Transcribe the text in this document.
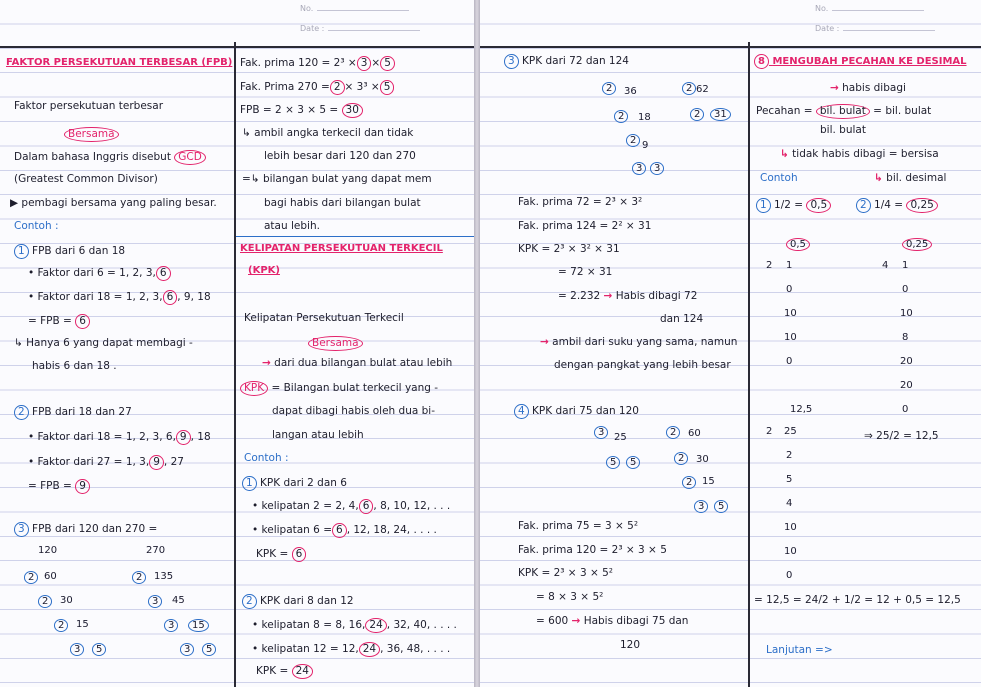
No.
Date :
FAKTOR PERSEKUTUAN TERBESAR (FPB)
Faktor persekutuan terbesar
Bersama
Dalam bahasa Inggris disebut GCD
(Greatest Common Divisor)
▶ pembagi bersama yang paling besar.
Contoh :
1 FPB dari 6 dan 18
• Faktor dari 6 = 1, 2, 3, 6
• Faktor dari 18 = 1, 2, 3, 6 , 9, 18
= FPB = 6
↳ Hanya 6 yang dapat membagi -
habis 6 dan 18 .
2 FPB dari 18 dan 27
• Faktor dari 18 = 1, 2, 3, 6, 9 , 18
• Faktor dari 27 = 1, 3, 9 , 27
= FPB = 9
3 FPB dari 120 dan 270 =
120
2 60
2	30
2	15
3	5
270
2	135
3	45
3	15
3	5
Fak. prima 120 = 2³ × 3 × 5
Fak. Prima 270 = 2 × 3³ × 5
FPB = 2 × 3 × 5 = 30
↳ ambil angka terkecil dan tidak
lebih besar dari 120 dan 270
=↳ bilangan bulat yang dapat mem
bagi habis dari bilangan bulat
atau lebih.
KELIPATAN PERSEKUTUAN TERKECIL
(KPK)
Kelipatan Persekutuan Terkecil
Bersama
→ dari dua bilangan bulat atau lebih
KPK = Bilangan bulat terkecil yang -
dapat dibagi habis oleh dua bi-
langan atau lebih
Contoh :
1 KPK dari 2 dan 6
• kelipatan 2 = 2, 4, 6 , 8, 10, 12, . . .
• kelipatan 6 = 6 , 12, 18, 24, . . . .
KPK = 6
2 KPK dari 8 dan 12
• kelipatan 8 = 8, 16, 24 , 32, 40, . . . .
• kelipatan 12 = 12, 24 , 36, 48, . . . .
KPK = 24
No.
Date :
3 KPK dari 72 dan 124
2	36
2	18
2 9
3	3
2 62
2	31
Fak. prima 72 = 2³ × 3²
Fak. prima 124 = 2² × 31
KPK = 2³ × 3² × 31
= 72 × 31
= 2.232 → Habis dibagi 72
dan 124
→ ambil dari suku yang sama, namun
dengan pangkat yang lebih besar
4 KPK dari 75 dan 120
3 25
5	5
2	60
2	30
2 15
3	5
Fak. prima 75 = 3 × 5²
Fak. prima 120 = 2³ × 3 × 5
KPK = 2³ × 3 × 5²
= 8 × 3 × 5²
= 600 → Habis dibagi 75 dan
120
8 MENGUBAH PECAHAN KE DESIMAL
→ habis dibagi
Pecahan = bil. bulat = bil. bulat
bil. bulat
↳ tidak habis dibagi = bersisa
Contoh	↳ bil. desimal
1 1/2 = 0,5	2 1/4 = 0,25
0,5
2 1
0
10
10
0
0,25
4 1
0
10
8
20
20
0
12,5
2 25
2
5
4
10
10
0
⇒ 25/2 = 12,5
= 12,5 = 24/2 + 1/2 = 12 + 0,5 = 12,5
Lanjutan =>
